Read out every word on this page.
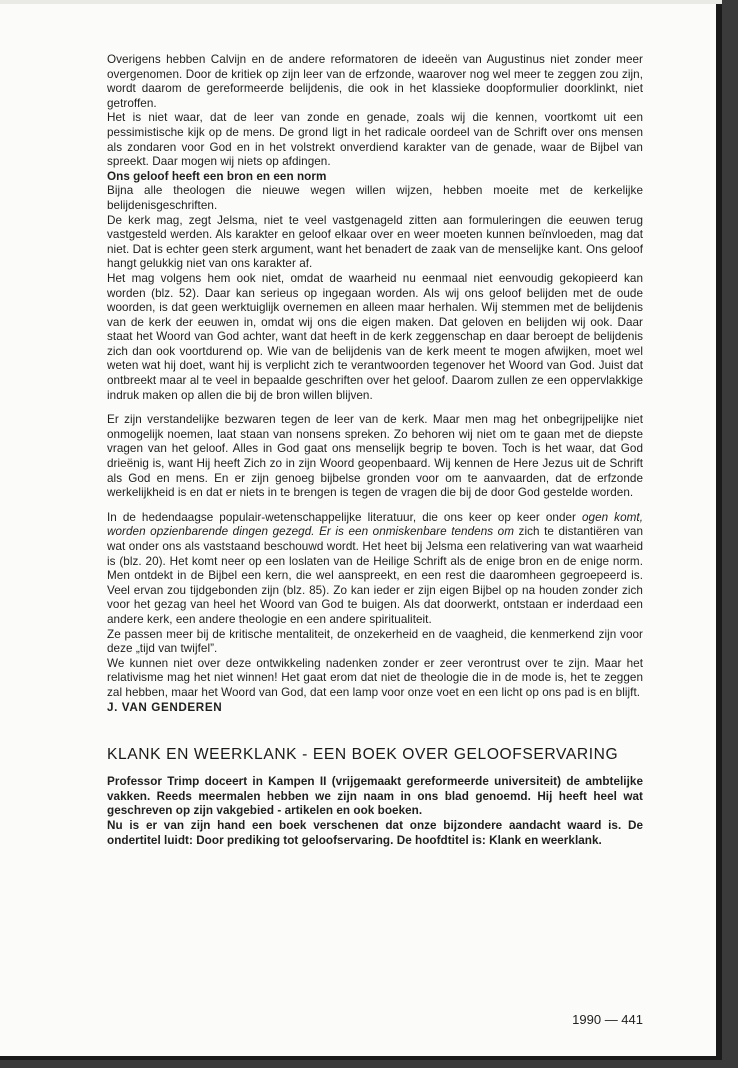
Overigens hebben Calvijn en de andere reformatoren de ideeën van Augustinus niet zonder meer overgenomen. Door de kritiek op zijn leer van de erfzonde, waarover nog wel meer te zeggen zou zijn, wordt daarom de gereformeerde belijdenis, die ook in het klassieke doopformulier doorklinkt, niet getroffen.

Het is niet waar, dat de leer van zonde en genade, zoals wij die kennen, voortkomt uit een pessimistische kijk op de mens. De grond ligt in het radicale oordeel van de Schrift over ons mensen als zondaren voor God en in het volstrekt onverdiend karakter van de genade, waar de Bijbel van spreekt. Daar mogen wij niets op afdingen.

Ons geloof heeft een bron en een norm

Bijna alle theologen die nieuwe wegen willen wijzen, hebben moeite met de kerkelijke belijdenisgeschriften.

De kerk mag, zegt Jelsma, niet te veel vastgenageld zitten aan formuleringen die eeuwen terug vastgesteld werden. Als karakter en geloof elkaar over en weer moeten kunnen beïnvloeden, mag dat niet. Dat is echter geen sterk argument, want het benadert de zaak van de menselijke kant. Ons geloof hangt gelukkig niet van ons karakter af.

Het mag volgens hem ook niet, omdat de waarheid nu eenmaal niet eenvoudig gekopieerd kan worden (blz. 52). Daar kan serieus op ingegaan worden. Als wij ons geloof belijden met de oude woorden, is dat geen werktuiglijk overnemen en alleen maar herhalen. Wij stemmen met de belijdenis van de kerk der eeuwen in, omdat wij ons die eigen maken. Dat geloven en belijden wij ook. Daar staat het Woord van God achter, want dat heeft in de kerk zeggenschap en daar beroept de belijdenis zich dan ook voortdurend op. Wie van de belijdenis van de kerk meent te mogen afwijken, moet wel weten wat hij doet, want hij is verplicht zich te verantwoorden tegenover het Woord van God. Juist dat ontbreekt maar al te veel in bepaalde geschriften over het geloof. Daarom zullen ze een oppervlakkige indruk maken op allen die bij de bron willen blijven.

Er zijn verstandelijke bezwaren tegen de leer van de kerk. Maar men mag het onbegrijpelijke niet onmogelijk noemen, laat staan van nonsens spreken. Zo behoren wij niet om te gaan met de diepste vragen van het geloof. Alles in God gaat ons menselijk begrip te boven. Toch is het waar, dat God drieënig is, want Hij heeft Zich zo in zijn Woord geopenbaard. Wij kennen de Here Jezus uit de Schrift als God en mens. En er zijn genoeg bijbelse gronden voor om te aanvaarden, dat de erfzonde werkelijkheid is en dat er niets in te brengen is tegen de vragen die bij de door God gestelde worden.

In de hedendaagse populair-wetenschappelijke literatuur, die ons keer op keer onder ogen komt, worden opzienbarende dingen gezegd. Er is een onmiskenbare tendens om zich te distantiëren van wat onder ons als vaststaand beschouwd wordt. Het heet bij Jelsma een relativering van wat waarheid is (blz. 20). Het komt neer op een loslaten van de Heilige Schrift als de enige bron en de enige norm. Men ontdekt in de Bijbel een kern, die wel aanspreekt, en een rest die daaromheen gegroepeerd is. Veel ervan zou tijdgebonden zijn (blz. 85). Zo kan ieder er zijn eigen Bijbel op na houden zonder zich voor het gezag van heel het Woord van God te buigen. Als dat doorwerkt, ontstaan er inderdaad een andere kerk, een andere theologie en een andere spiritualiteit.

Ze passen meer bij de kritische mentaliteit, de onzekerheid en de vaagheid, die kenmerkend zijn voor deze „tijd van twijfel”.

We kunnen niet over deze ontwikkeling nadenken zonder er zeer verontrust over te zijn. Maar het relativisme mag het niet winnen! Het gaat erom dat niet de theologie die in de mode is, het te zeggen zal hebben, maar het Woord van God, dat een lamp voor onze voet en een licht op ons pad is en blijft.

J. VAN GENDEREN

KLANK EN WEERKLANK - EEN BOEK OVER GELOOFSERVARING

Professor Trimp doceert in Kampen II (vrijgemaakt gereformeerde universiteit) de ambtelijke vakken. Reeds meermalen hebben we zijn naam in ons blad genoemd. Hij heeft heel wat geschreven op zijn vakgebied - artikelen en ook boeken.

Nu is er van zijn hand een boek verschenen dat onze bijzondere aandacht waard is. De ondertitel luidt: Door prediking tot geloofservaring. De hoofdtitel is: Klank en weerklank.

1990 — 441
